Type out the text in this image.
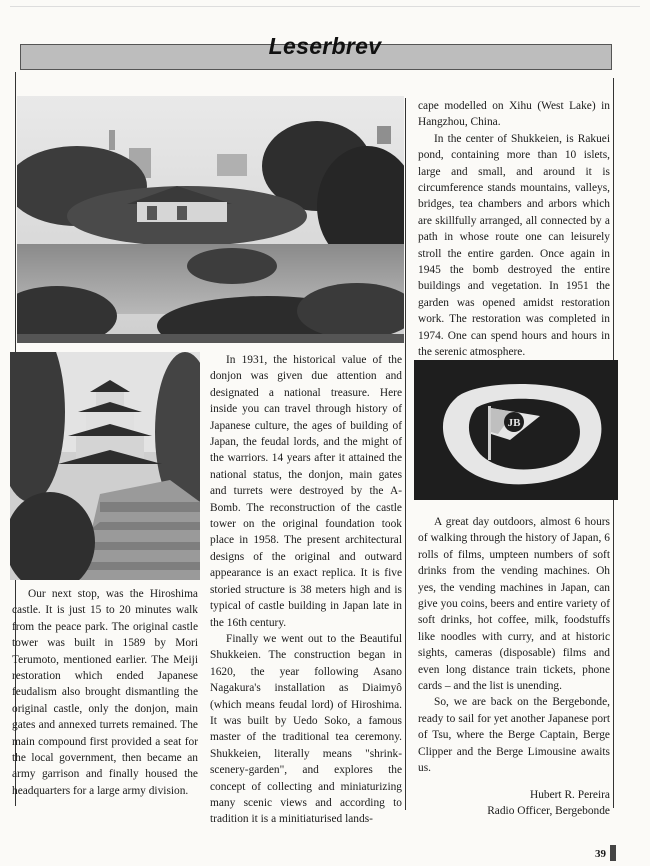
Leserbrev
JB

Our next stop, was the Hiroshima castle. It is just 15 to 20 minutes walk from the peace park. The original castle tower was built in 1589 by Mori Terumoto, mentioned earlier. The Meiji restoration which ended Japanese feudalism also brought dismantling the original castle, only the donjon, main gates and annexed turrets remained. The main compound first provided a seat for the local government, then became an army garrison and finally housed the headquarters for a large army division.

In 1931, the historical value of the donjon was given due attention and designated a national treasure. Here inside you can travel through history of Japanese culture, the ages of building of Japan, the feudal lords, and the might of the warriors. 14 years after it attained the national status, the donjon, main gates and turrets were destroyed by the A-Bomb. The reconstruction of the castle tower on the original foundation took place in 1958. The present architectural designs of the original and outward appearance is an exact replica. It is five storied structure is 38 meters high and is typical of castle building in Japan late in the 16th century.

Finally we went out to the Beautiful Shukkeien. The construction began in 1620, the year following Asano Nagakura's installation as Diaimyô (which means feudal lord) of Hiroshima. It was built by Uedo Soko, a famous master of the traditional tea ceremony. Shukkeien, literally means "shrink-scenery-garden", and explores the concept of collecting and miniaturizing many scenic views and according to tradition it is a minitiaturised lands-

cape modelled on Xihu (West Lake) in Hangzhou, China.

In the center of Shukkeien, is Rakuei pond, containing more than 10 islets, large and small, and around it is circumference stands mountains, valleys, bridges, tea chambers and arbors which are skillfully arranged, all connected by a path in whose route one can leisurely stroll the entire garden. Once again in 1945 the bomb destroyed the entire buildings and vegetation. In 1951 the garden was opened amidst restoration work. The restoration was completed in 1974. One can spend hours and hours in the serenic atmosphere.

A great day outdoors, almost 6 hours of walking through the history of Japan, 6 rolls of films, umpteen numbers of soft drinks from the vending machines. Oh yes, the vending machines in Japan, can give you coins, beers and entire variety of soft drinks, hot coffee, milk, foodstuffs like noodles with curry, and at historic sights, cameras (disposable) films and even long distance train tickets, phone cards – and the list is unending.

So, we are back on the Bergebonde, ready to sail for yet another Japanese port of Tsu, where the Berge Captain, Berge Clipper and the Berge Limousine awaits us.

Hubert R. Pereira

Radio Officer, Bergebonde

39
